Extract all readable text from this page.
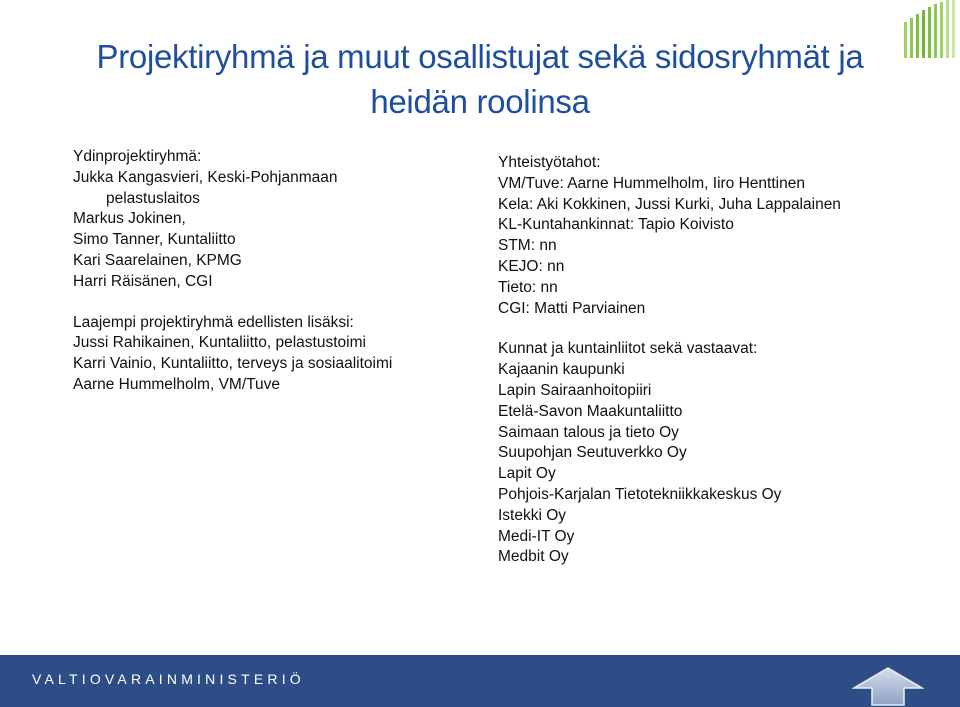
Projektiryhmä ja muut osallistujat sekä sidosryhmät ja
heidän roolinsa
Ydinprojektiryhmä:
Jukka Kangasvieri, Keski-Pohjanmaan
pelastuslaitos
Markus Jokinen,
Simo Tanner, Kuntaliitto
Kari Saarelainen, KPMG
Harri Räisänen, CGI
Laajempi projektiryhmä edellisten lisäksi:
Jussi Rahikainen, Kuntaliitto, pelastustoimi
Karri Vainio, Kuntaliitto, terveys ja sosiaalitoimi
Aarne Hummelholm, VM/Tuve
Yhteistyötahot:
VM/Tuve: Aarne Hummelholm, Iiro Henttinen
Kela: Aki Kokkinen, Jussi Kurki, Juha Lappalainen
KL-Kuntahankinnat: Tapio Koivisto
STM: nn
KEJO: nn
Tieto: nn
CGI: Matti Parviainen
Kunnat ja kuntainliitot sekä vastaavat:
Kajaanin kaupunki
Lapin Sairaanhoitopiiri
Etelä-Savon Maakuntaliitto
Saimaan talous ja tieto Oy
Suupohjan Seutuverkko Oy
Lapit Oy
Pohjois-Karjalan Tietotekniikkakeskus Oy
Istekki Oy
Medi-IT Oy
Medbit Oy
VALTIOVARAINMINISTERIÖ
